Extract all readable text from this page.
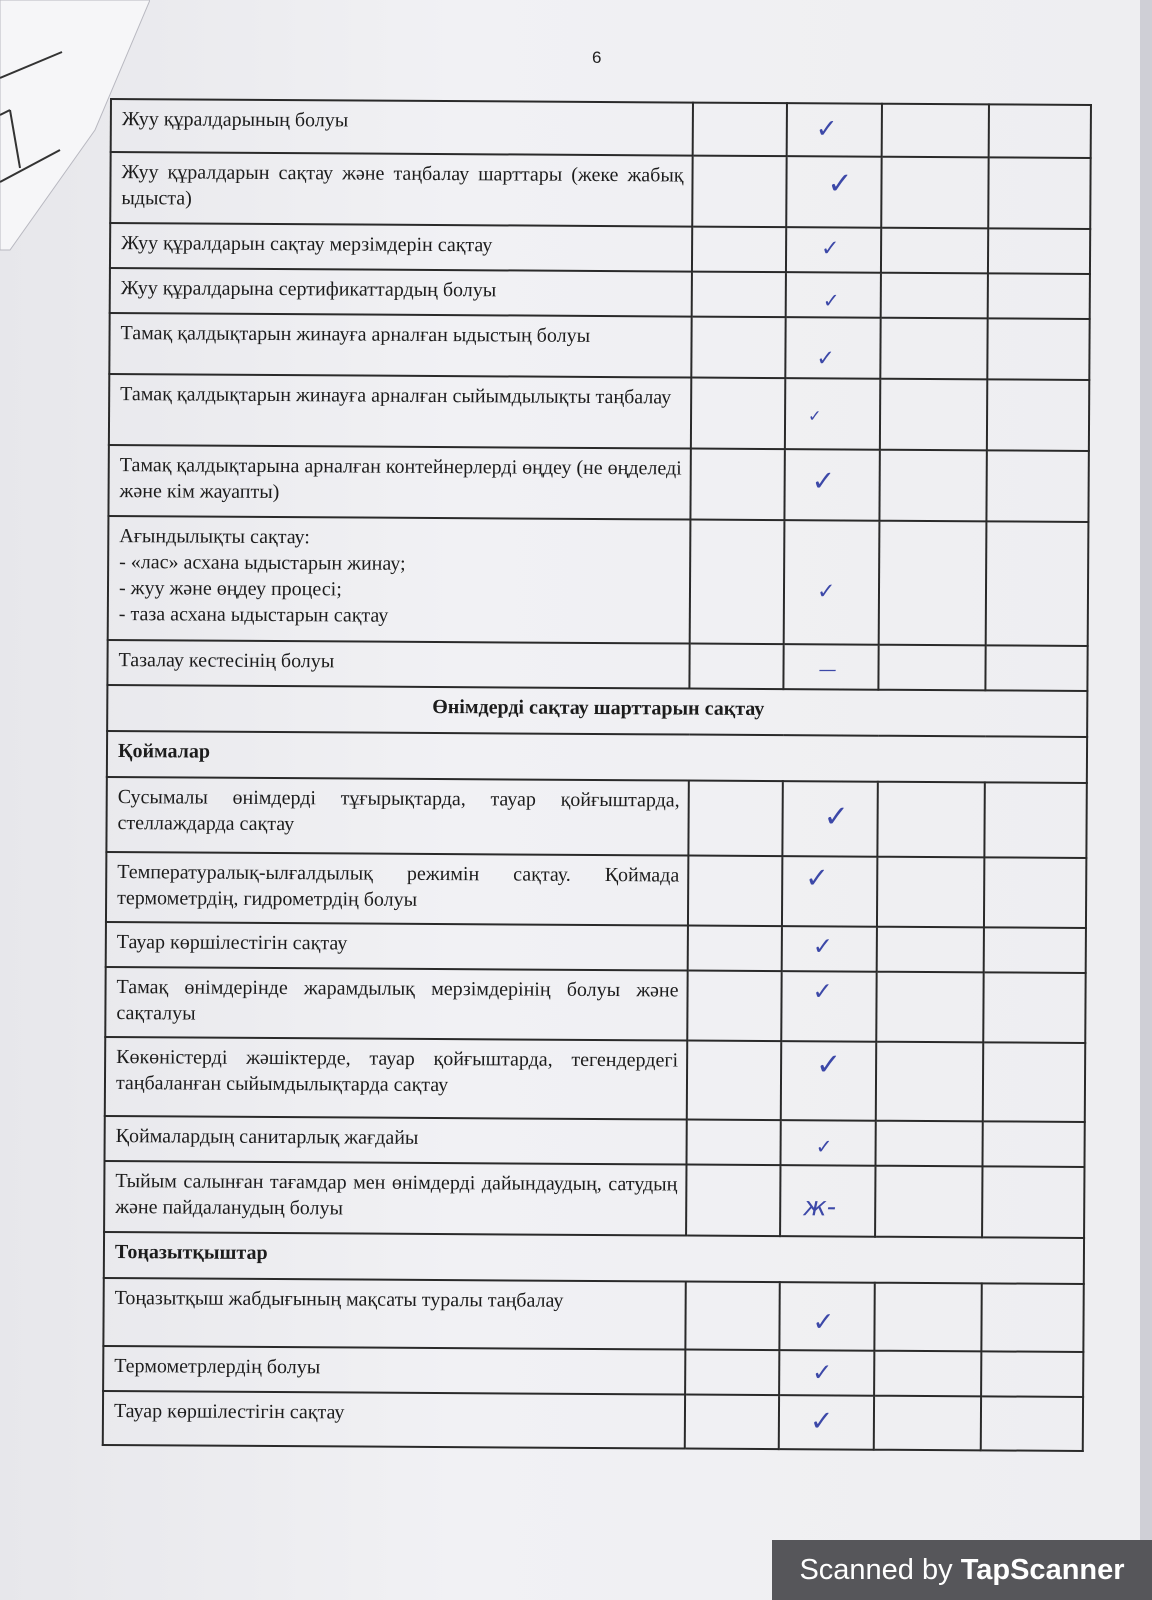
6
Жуу құралдарының болуы		✓		

Жуу құралдарын сақтау және таңбалау шарттары (жеке жабық ыдыста)		✓		

Жуу құралдарын сақтау мерзімдерін сақтау		✓		

Жуу құралдарына сертификаттардың болуы		✓		

Тамақ қалдықтарын жинауға арналған ыдыстың болуы		✓		

Тамақ қалдықтарын жинауға арналған сыйымдылықты таңбалау		✓		

Тамақ қалдықтарына арналған контейнерлерді өңдеу (не өңделеді және кім жауапты)		✓		

Ағындылықты сақтау:
- «лас» асхана ыдыстарын жинау;
- жуу және өңдеу процесі;
- таза асхана ыдыстарын сақтау		✓		

Тазалау кестесінің болуы		—		

Өнімдерді сақтау шарттарын сақтау				
Қоймалар				
Сусымалы өнімдерді тұғырықтарда, тауар қойғыштарда, стеллаждарда сақтау		✓		

Температуралық-ылғалдылық режимін сақтау. Қоймада термометрдің, гидрометрдің болуы		✓		

Тауар көршілестігін сақтау		✓		

Тамақ өнімдерінде жарамдылық мерзімдерінің болуы және сақталуы		✓		

Көкөністерді жәшіктерде, тауар қойғыштарда, тегендердегі таңбаланған сыйымдылықтарда сақтау		✓		

Қоймалардың санитарлық жағдайы		✓		

Тыйым салынған тағамдар мен өнімдерді дайындаудың, сатудың және пайдаланудың болуы		ж-		

Тоңазытқыштар				
Тоңазытқыш жабдығының мақсаты туралы таңбалау		✓		

Термометрлердің болуы		✓		

Тауар көршілестігін сақтау		✓		

Scanned by TapScanner
